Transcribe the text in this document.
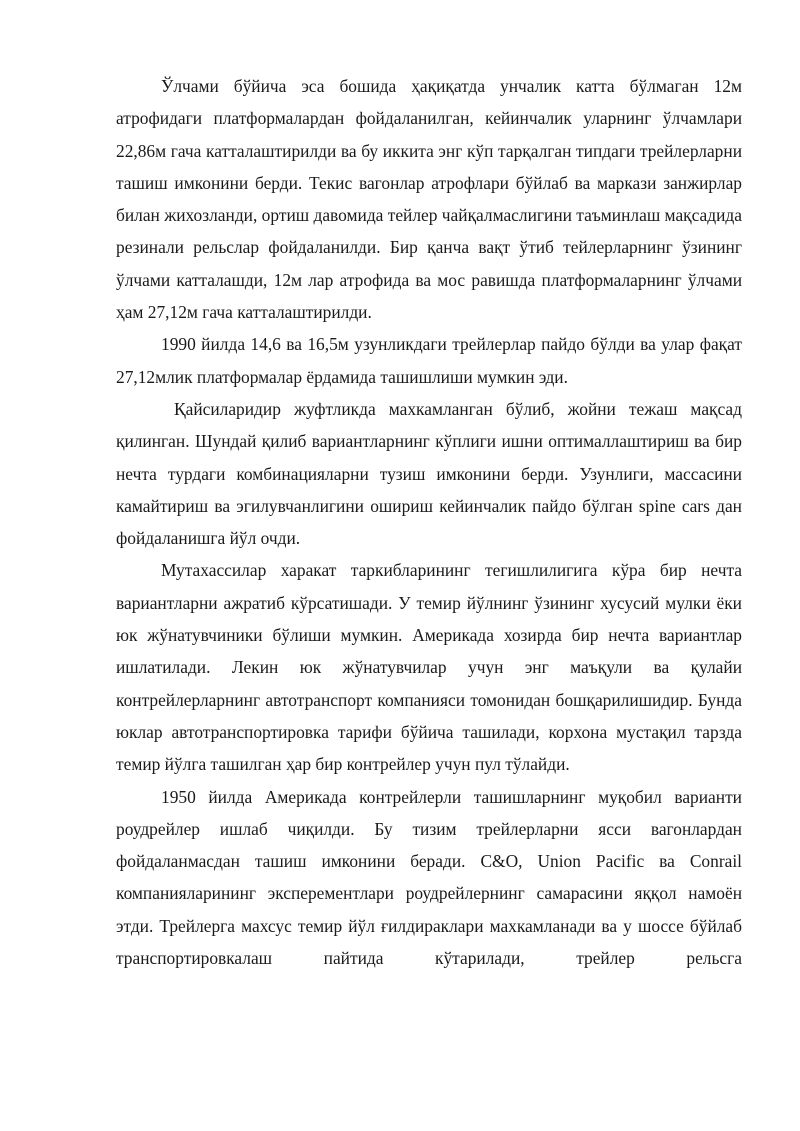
Ўлчами бўйича эса бошида ҳақиқатда унчалик катта бўлмаган 12м атрофидаги платформалардан фойдаланилган, кейинчалик уларнинг ўлчамлари 22,86м гача катталаштирилди ва бу иккита энг кўп тарқалган типдаги трейлерларни ташиш имконини берди. Текис вагонлар атрофлари бўйлаб ва маркази занжирлар билан жихозланди, ортиш давомида тейлер чайқалмаслигини таъминлаш мақсадида резинали рельслар фойдаланилди. Бир қанча вақт ўтиб тейлерларнинг ўзининг ўлчами катталашди, 12м лар атрофида ва мос равишда платформаларнинг ўлчами ҳам 27,12м гача катталаштирилди.

1990 йилда 14,6 ва 16,5м узунликдаги трейлерлар пайдо бўлди ва улар фақат 27,12млик платформалар ёрдамида ташишлиши мумкин эди.

Қайсиларидир жуфтликда махкамланган бўлиб, жойни тежаш мақсад қилинган. Шундай қилиб вариантларнинг кўплиги ишни оптималлаштириш ва бир нечта турдаги комбинацияларни тузиш имконини берди. Узунлиги, массасини камайтириш ва эгилувчанлигини ошириш кейинчалик пайдо бўлган spine cars дан фойдаланишга йўл очди.

Мутахассилар харакат таркибларининг тегишлилигига кўра бир нечта вариантларни ажратиб кўрсатишади. У темир йўлнинг ўзининг хусусий мулки ёки юк жўнатувчиники бўлиши мумкин. Америкада хозирда бир нечта вариантлар ишлатилади. Лекин юк жўнатувчилар учун энг маъқули ва қулайи контрейлерларнинг автотранспорт компанияси томонидан бошқарилишидир. Бунда юклар автотранспортировка тарифи бўйича ташилади, корхона мустақил тарзда темир йўлга ташилган ҳар бир контрейлер учун пул тўлайди.

1950 йилда Америкада контрейлерли ташишларнинг муқобил варианти роудрейлер ишлаб чиқилди. Бу тизим трейлерларни ясси вагонлардан фойдаланмасдан ташиш имконини беради. C&O, Union Pacific ва Conrail компанияларининг эксперементлари роудрейлернинг самарасини яққол намоён этди. Трейлерга махсус темир йўл ғилдираклари махкамланади ва у шоссе бўйлаб транспортировкалаш пайтида кўтарилади, трейлер рельсга
